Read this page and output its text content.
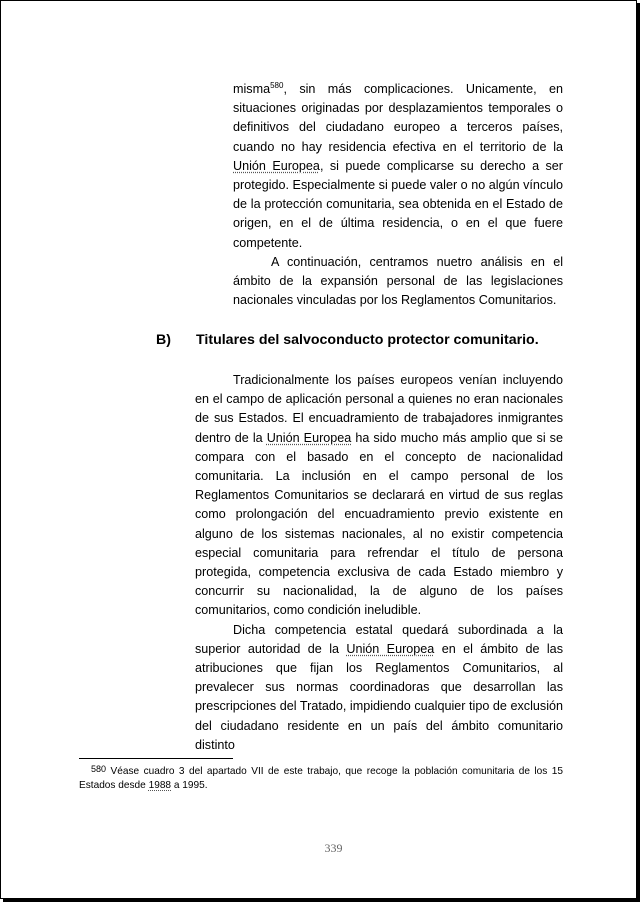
misma$^{580}$, sin más complicaciones. Unicamente, en situaciones originadas por desplazamientos temporales o definitivos del ciudadano europeo a terceros países, cuando no hay residencia efectiva en el territorio de la Unión Europea, si puede complicarse su derecho a ser protegido. Especialmente si puede valer o no algún vínculo de la protección comunitaria, sea obtenida en el Estado de origen, en el de última residencia, o en el que fuere competente.

A continuación, centramos nuetro análisis en el ámbito de la expansión personal de las legislaciones nacionales vinculadas por los Reglamentos Comunitarios.

B) Titulares del salvoconducto protector comunitario.

Tradicionalmente los países europeos venían incluyendo en el campo de aplicación personal a quienes no eran nacionales de sus Estados. El encuadramiento de trabajadores inmigrantes dentro de la Unión Europea ha sido mucho más amplio que si se compara con el basado en el concepto de nacionalidad comunitaria. La inclusión en el campo personal de los Reglamentos Comunitarios se declarará en virtud de sus reglas como prolongación del encuadramiento previo existente en alguno de los sistemas nacionales, al no existir competencia especial comunitaria para refrendar el título de persona protegida, competencia exclusiva de cada Estado miembro y concurrir su nacionalidad, la de alguno de los países comunitarios, como condición ineludible.

Dicha competencia estatal quedará subordinada a la superior autoridad de la Unión Europea en el ámbito de las atribuciones que fijan los Reglamentos Comunitarios, al prevalecer sus normas coordinadoras que desarrollan las prescripciones del Tratado, impidiendo cualquier tipo de exclusión del ciudadano residente en un país del ámbito comunitario distinto

580 Véase cuadro 3 del apartado VII de este trabajo, que recoge la población comunitaria de los 15 Estados desde 1988 a 1995.
339
